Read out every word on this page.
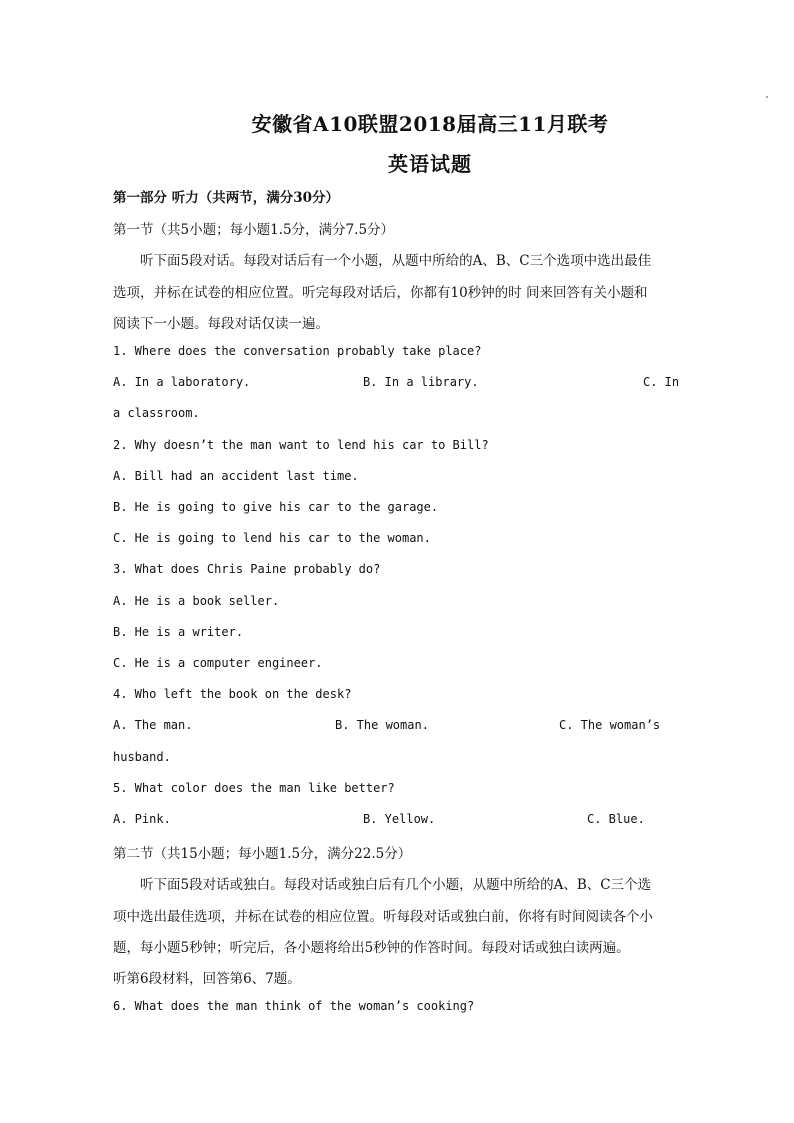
安徽省A10联盟2018届高三11月联考
英语试题
第一部分 听力（共两节，满分30分）
第一节（共5小题；每小题1.5分，满分7.5分）
听下面5段对话。每段对话后有一个小题，从题中所给的A、B、C三个选项中选出最佳
选项，并标在试卷的相应位置。听完每段对话后，你都有10秒钟的时 间来回答有关小题和
阅读下一小题。每段对话仅读一遍。
1. Where does the conversation probably take place?
A. In a laboratory.	B. In a library.	C. In
a classroom.
2. Why doesn’t the man want to lend his car to Bill?
A. Bill had an accident last time.
B. He is going to give his car to the garage.
C. He is going to lend his car to the woman.
3. What does Chris Paine probably do?
A. He is a book seller.
B. He is a writer.
C. He is a computer engineer.
4. Who left the book on the desk?
A. The man.	B. The woman.	C. The woman’s
husband.
5. What color does the man like better?
A. Pink.	B. Yellow.	C. Blue.
第二节（共15小题；每小题1.5分，满分22.5分）
听下面5段对话或独白。每段对话或独白后有几个小题，从题中所给的A、B、C三个选
项中选出最佳选项，并标在试卷的相应位置。听每段对话或独白前，你将有时间阅读各个小
题，每小题5秒钟；听完后，各小题将给出5秒钟的作答时间。每段对话或独白读两遍。
听第6段材料，回答第6、7题。
6. What does the man think of the woman’s cooking?
